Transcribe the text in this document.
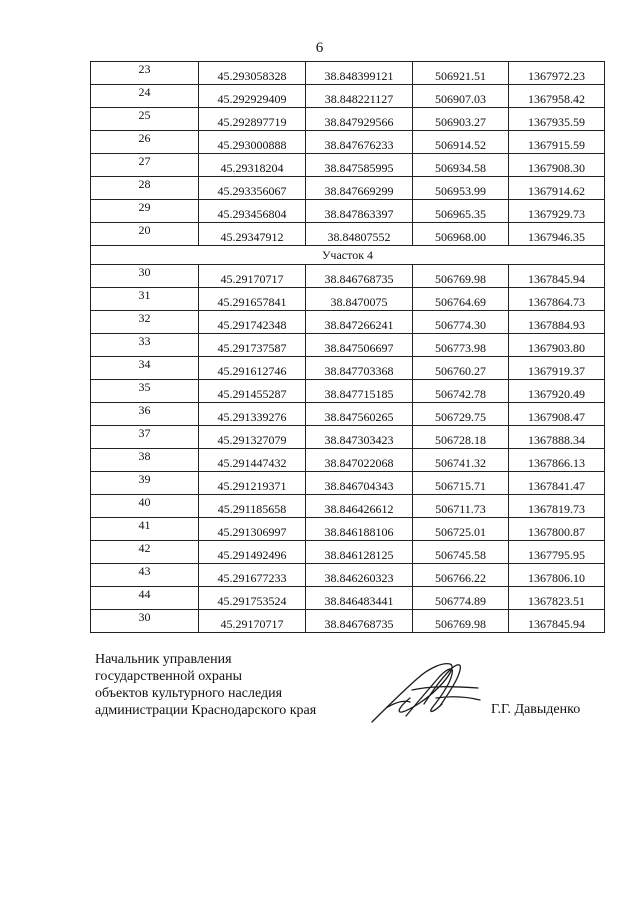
6
23	45.293058328	38.848399121	506921.51	1367972.23
24	45.292929409	38.848221127	506907.03	1367958.42
25	45.292897719	38.847929566	506903.27	1367935.59
26	45.293000888	38.847676233	506914.52	1367915.59
27	45.29318204	38.847585995	506934.58	1367908.30
28	45.293356067	38.847669299	506953.99	1367914.62
29	45.293456804	38.847863397	506965.35	1367929.73
20	45.29347912	38.84807552	506968.00	1367946.35
Участок 4				
30	45.29170717	38.846768735	506769.98	1367845.94
31	45.291657841	38.8470075	506764.69	1367864.73
32	45.291742348	38.847266241	506774.30	1367884.93
33	45.291737587	38.847506697	506773.98	1367903.80
34	45.291612746	38.847703368	506760.27	1367919.37
35	45.291455287	38.847715185	506742.78	1367920.49
36	45.291339276	38.847560265	506729.75	1367908.47
37	45.291327079	38.847303423	506728.18	1367888.34
38	45.291447432	38.847022068	506741.32	1367866.13
39	45.291219371	38.846704343	506715.71	1367841.47
40	45.291185658	38.846426612	506711.73	1367819.73
41	45.291306997	38.846188106	506725.01	1367800.87
42	45.291492496	38.846128125	506745.58	1367795.95
43	45.291677233	38.846260323	506766.22	1367806.10
44	45.291753524	38.846483441	506774.89	1367823.51
30	45.29170717	38.846768735	506769.98	1367845.94
Начальник управления
государственной охраны
объектов культурного наследия
администрации Краснодарского края	Г.Г. Давыденко
